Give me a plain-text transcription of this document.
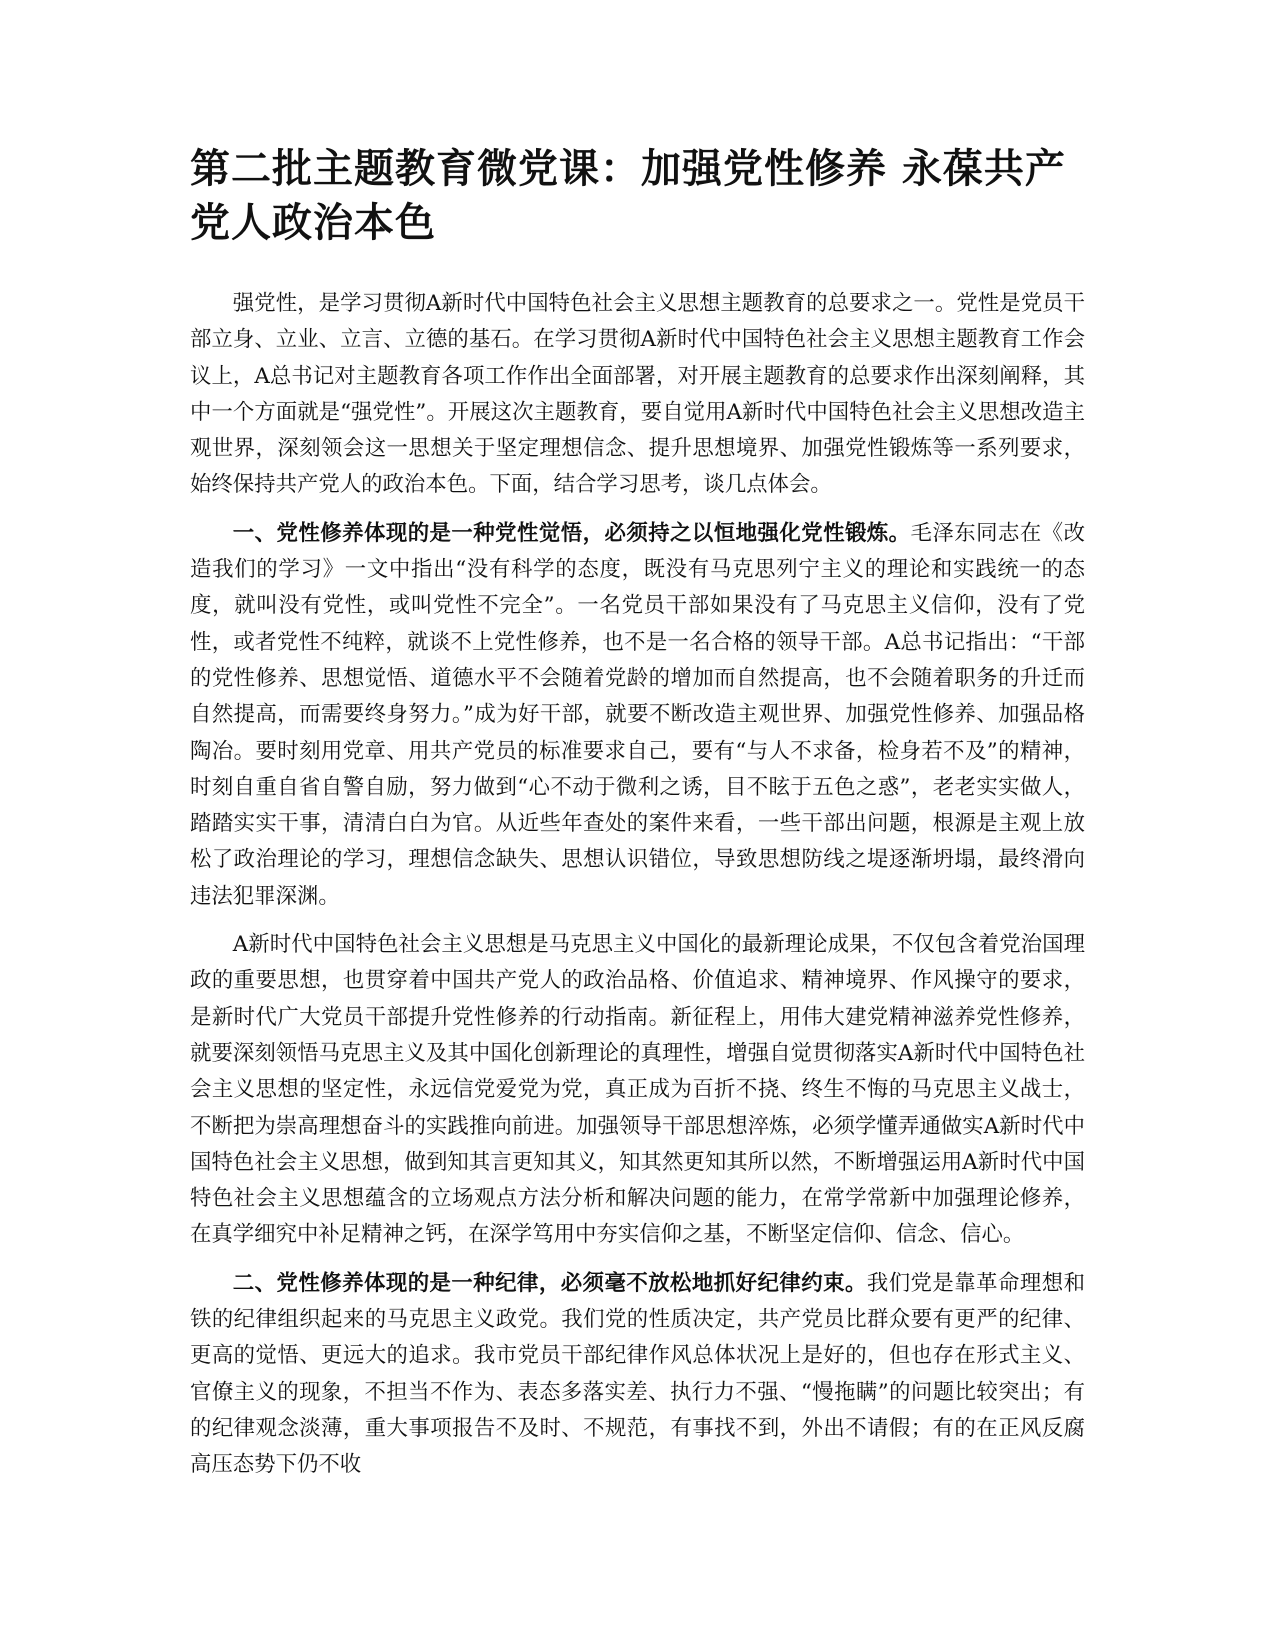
第二批主题教育微党课：加强党性修养 永葆共产党人政治本色

强党性，是学习贯彻A新时代中国特色社会主义思想主题教育的总要求之一。党性是党员干部立身、立业、立言、立德的基石。在学习贯彻A新时代中国特色社会主义思想主题教育工作会议上，A总书记对主题教育各项工作作出全面部署，对开展主题教育的总要求作出深刻阐释，其中一个方面就是“强党性”。开展这次主题教育，要自觉用A新时代中国特色社会主义思想改造主观世界，深刻领会这一思想关于坚定理想信念、提升思想境界、加强党性锻炼等一系列要求，始终保持共产党人的政治本色。下面，结合学习思考，谈几点体会。

一、党性修养体现的是一种党性觉悟，必须持之以恒地强化党性锻炼。毛泽东同志在《改造我们的学习》一文中指出“没有科学的态度，既没有马克思列宁主义的理论和实践统一的态度，就叫没有党性，或叫党性不完全”。一名党员干部如果没有了马克思主义信仰，没有了党性，或者党性不纯粹，就谈不上党性修养，也不是一名合格的领导干部。A总书记指出：“干部的党性修养、思想觉悟、道德水平不会随着党龄的增加而自然提高，也不会随着职务的升迁而自然提高，而需要终身努力。”成为好干部，就要不断改造主观世界、加强党性修养、加强品格陶冶。要时刻用党章、用共产党员的标准要求自己，要有“与人不求备，检身若不及”的精神，时刻自重自省自警自励，努力做到“心不动于微利之诱，目不眩于五色之惑”，老老实实做人，踏踏实实干事，清清白白为官。从近些年查处的案件来看，一些干部出问题，根源是主观上放松了政治理论的学习，理想信念缺失、思想认识错位，导致思想防线之堤逐渐坍塌，最终滑向违法犯罪深渊。

A新时代中国特色社会主义思想是马克思主义中国化的最新理论成果，不仅包含着党治国理政的重要思想，也贯穿着中国共产党人的政治品格、价值追求、精神境界、作风操守的要求，是新时代广大党员干部提升党性修养的行动指南。新征程上，用伟大建党精神滋养党性修养，就要深刻领悟马克思主义及其中国化创新理论的真理性，增强自觉贯彻落实A新时代中国特色社会主义思想的坚定性，永远信党爱党为党，真正成为百折不挠、终生不悔的马克思主义战士，不断把为崇高理想奋斗的实践推向前进。加强领导干部思想淬炼，必须学懂弄通做实A新时代中国特色社会主义思想，做到知其言更知其义，知其然更知其所以然，不断增强运用A新时代中国特色社会主义思想蕴含的立场观点方法分析和解决问题的能力，在常学常新中加强理论修养，在真学细究中补足精神之钙，在深学笃用中夯实信仰之基，不断坚定信仰、信念、信心。

二、党性修养体现的是一种纪律，必须毫不放松地抓好纪律约束。我们党是靠革命理想和铁的纪律组织起来的马克思主义政党。我们党的性质决定，共产党员比群众要有更严的纪律、更高的觉悟、更远大的追求。我市党员干部纪律作风总体状况上是好的，但也存在形式主义、官僚主义的现象，不担当不作为、表态多落实差、执行力不强、“慢拖瞒”的问题比较突出；有的纪律观念淡薄，重大事项报告不及时、不规范，有事找不到，外出不请假；有的在正风反腐高压态势下仍不收
